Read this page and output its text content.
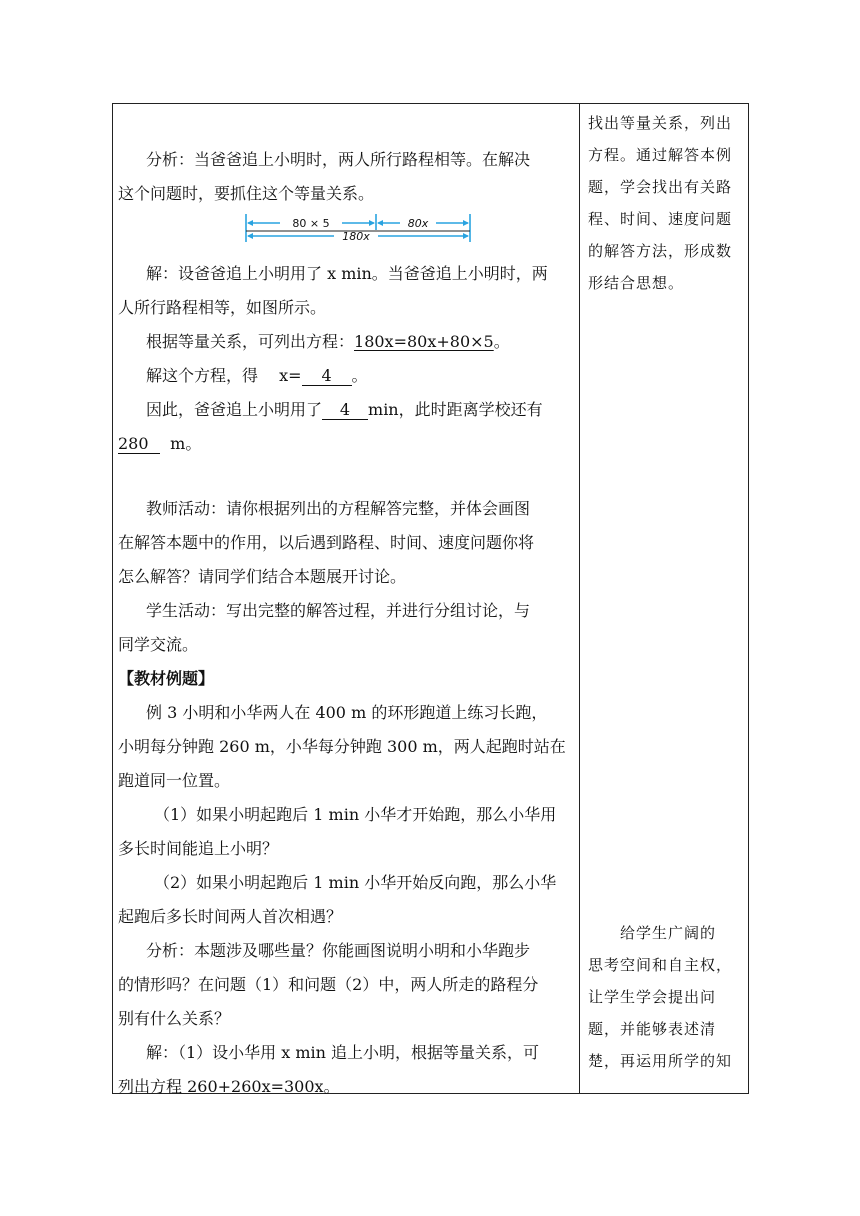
分析：当爸爸追上小明时，两人所行路程相等。在解决
这个问题时，要抓住这个等量关系。
80 × 5	80x
180x
解：设爸爸追上小明用了 x min。当爸爸追上小明时，两
人所行路程相等，如图所示。
根据等量关系，可列出方程：180x=80x+80×5。
解这个方程，得　 x= 4 。
因此，爸爸追上小明用了 4 min，此时距离学校还有
280 m。
教师活动：请你根据列出的方程解答完整，并体会画图
在解答本题中的作用，以后遇到路程、时间、速度问题你将
怎么解答？请同学们结合本题展开讨论。
学生活动：写出完整的解答过程，并进行分组讨论，与
同学交流。
【教材例题】
例 3 小明和小华两人在 400 m 的环形跑道上练习长跑，
小明每分钟跑 260 m，小华每分钟跑 300 m，两人起跑时站在
跑道同一位置。
（1）如果小明起跑后 1 min 小华才开始跑，那么小华用
多长时间能追上小明？
（2）如果小明起跑后 1 min 小华开始反向跑，那么小华
起跑后多长时间两人首次相遇？
分析：本题涉及哪些量？你能画图说明小明和小华跑步
的情形吗？在问题（1）和问题（2）中，两人所走的路程分
别有什么关系？
解：（1）设小华用 x min 追上小明，根据等量关系，可
列出方程 260+260x=300x。
找出等量关系，列出
方程。通过解答本例
题，学会找出有关路
程、时间、速度问题
的解答方法，形成数
形结合思想。
　　给学生广阔的
思考空间和自主权，
让学生学会提出问
题，并能够表述清
楚，再运用所学的知
